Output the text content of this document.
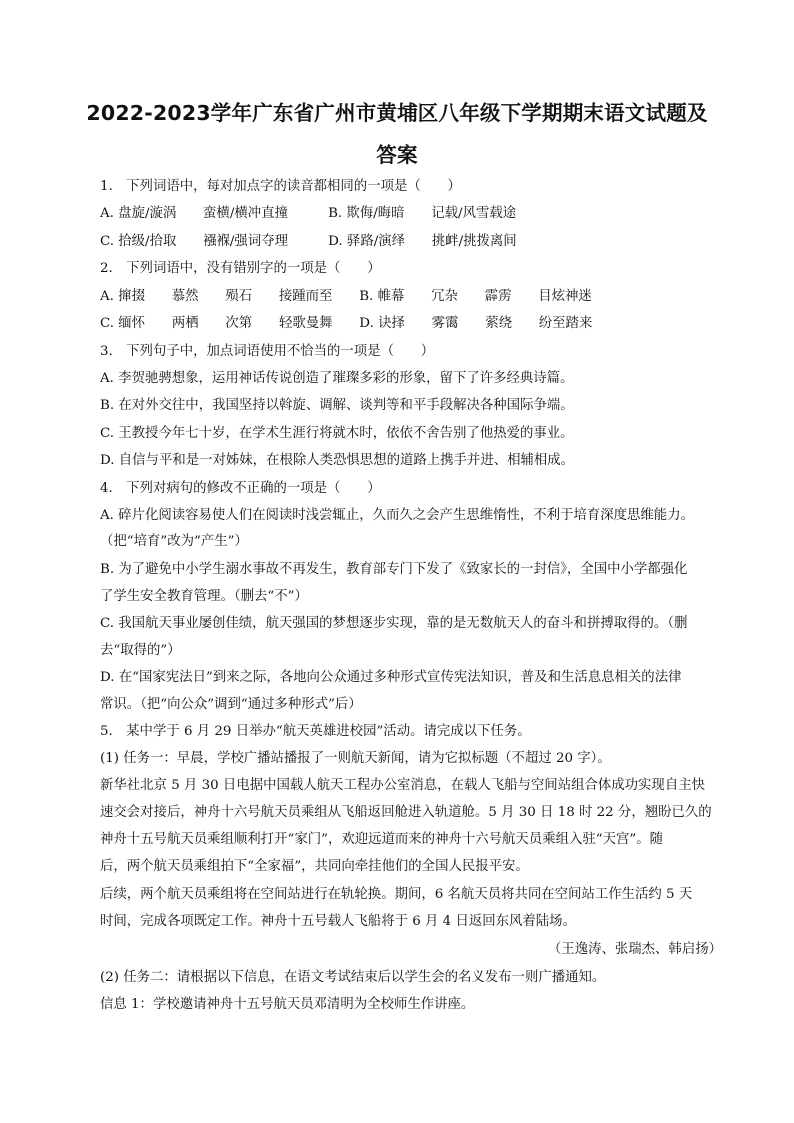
2022-2023学年广东省广州市黄埔区八年级下学期期末语文试题及
答案
1.　下列词语中，每对加点字的读音都相同的一项是（　　）
A. 盘旋/漩涡　　蛮横/横冲直撞　　　B. 欺侮/晦暗　　记载/风雪载途
C. 拾级/拾取　　襁褓/强词夺理　　　D. 驿路/演绎　　挑衅/挑拨离间
2.　下列词语中，没有错别字的一项是（　　）
A. 撺掇　　慕然　　殒石　　接踵而至　　B. 帷幕　　冗杂　　霹雳　　目炫神迷
C. 缅怀　　两栖　　次第　　轻歌曼舞　　D. 诀择　　雾霭　　萦绕　　纷至踏来
3.　下列句子中，加点词语使用不恰当的一项是（　　）
A. 李贺驰骋想象，运用神话传说创造了璀璨多彩的形象，留下了许多经典诗篇。
B. 在对外交往中，我国坚持以斡旋、调解、谈判等和平手段解决各种国际争端。
C. 王教授今年七十岁，在学术生涯行将就木时，依依不舍告别了他热爱的事业。
D. 自信与平和是一对姊妹，在根除人类恐惧思想的道路上携手并进、相辅相成。
4.　下列对病句的修改不正确的一项是（　　）
A. 碎片化阅读容易使人们在阅读时浅尝辄止，久而久之会产生思维惰性，不利于培育深度思维能力。
（把“培育”改为“产生”）
B. 为了避免中小学生溺水事故不再发生，教育部专门下发了《致家长的一封信》，全国中小学都强化
了学生安全教育管理。（删去“不”）
C. 我国航天事业屡创佳绩，航天强国的梦想逐步实现，靠的是无数航天人的奋斗和拼搏取得的。（删
去“取得的”）
D. 在“国家宪法日”到来之际，各地向公众通过多种形式宣传宪法知识，普及和生活息息相关的法律
常识。（把“向公众”调到“通过多种形式”后）
5.　某中学于 6 月 29 日举办“航天英雄进校园”活动。请完成以下任务。
(1) 任务一：早晨，学校广播站播报了一则航天新闻，请为它拟标题（不超过 20 字）。
新华社北京 5 月 30 日电据中国载人航天工程办公室消息，在载人飞船与空间站组合体成功实现自主快
速交会对接后，神舟十六号航天员乘组从飞船返回舱进入轨道舱。5 月 30 日 18 时 22 分，翘盼已久的
神舟十五号航天员乘组顺利打开“家门”，欢迎远道而来的神舟十六号航天员乘组入驻“天宫”。随
后，两个航天员乘组拍下“全家福”，共同向牵挂他们的全国人民报平安。
后续，两个航天员乘组将在空间站进行在轨轮换。期间，6 名航天员将共同在空间站工作生活约 5 天
时间，完成各项既定工作。神舟十五号载人飞船将于 6 月 4 日返回东风着陆场。
（王逸涛、张瑞杰、韩启扬）
(2) 任务二：请根据以下信息，在语文考试结束后以学生会的名义发布一则广播通知。
信息 1：学校邀请神舟十五号航天员邓清明为全校师生作讲座。
